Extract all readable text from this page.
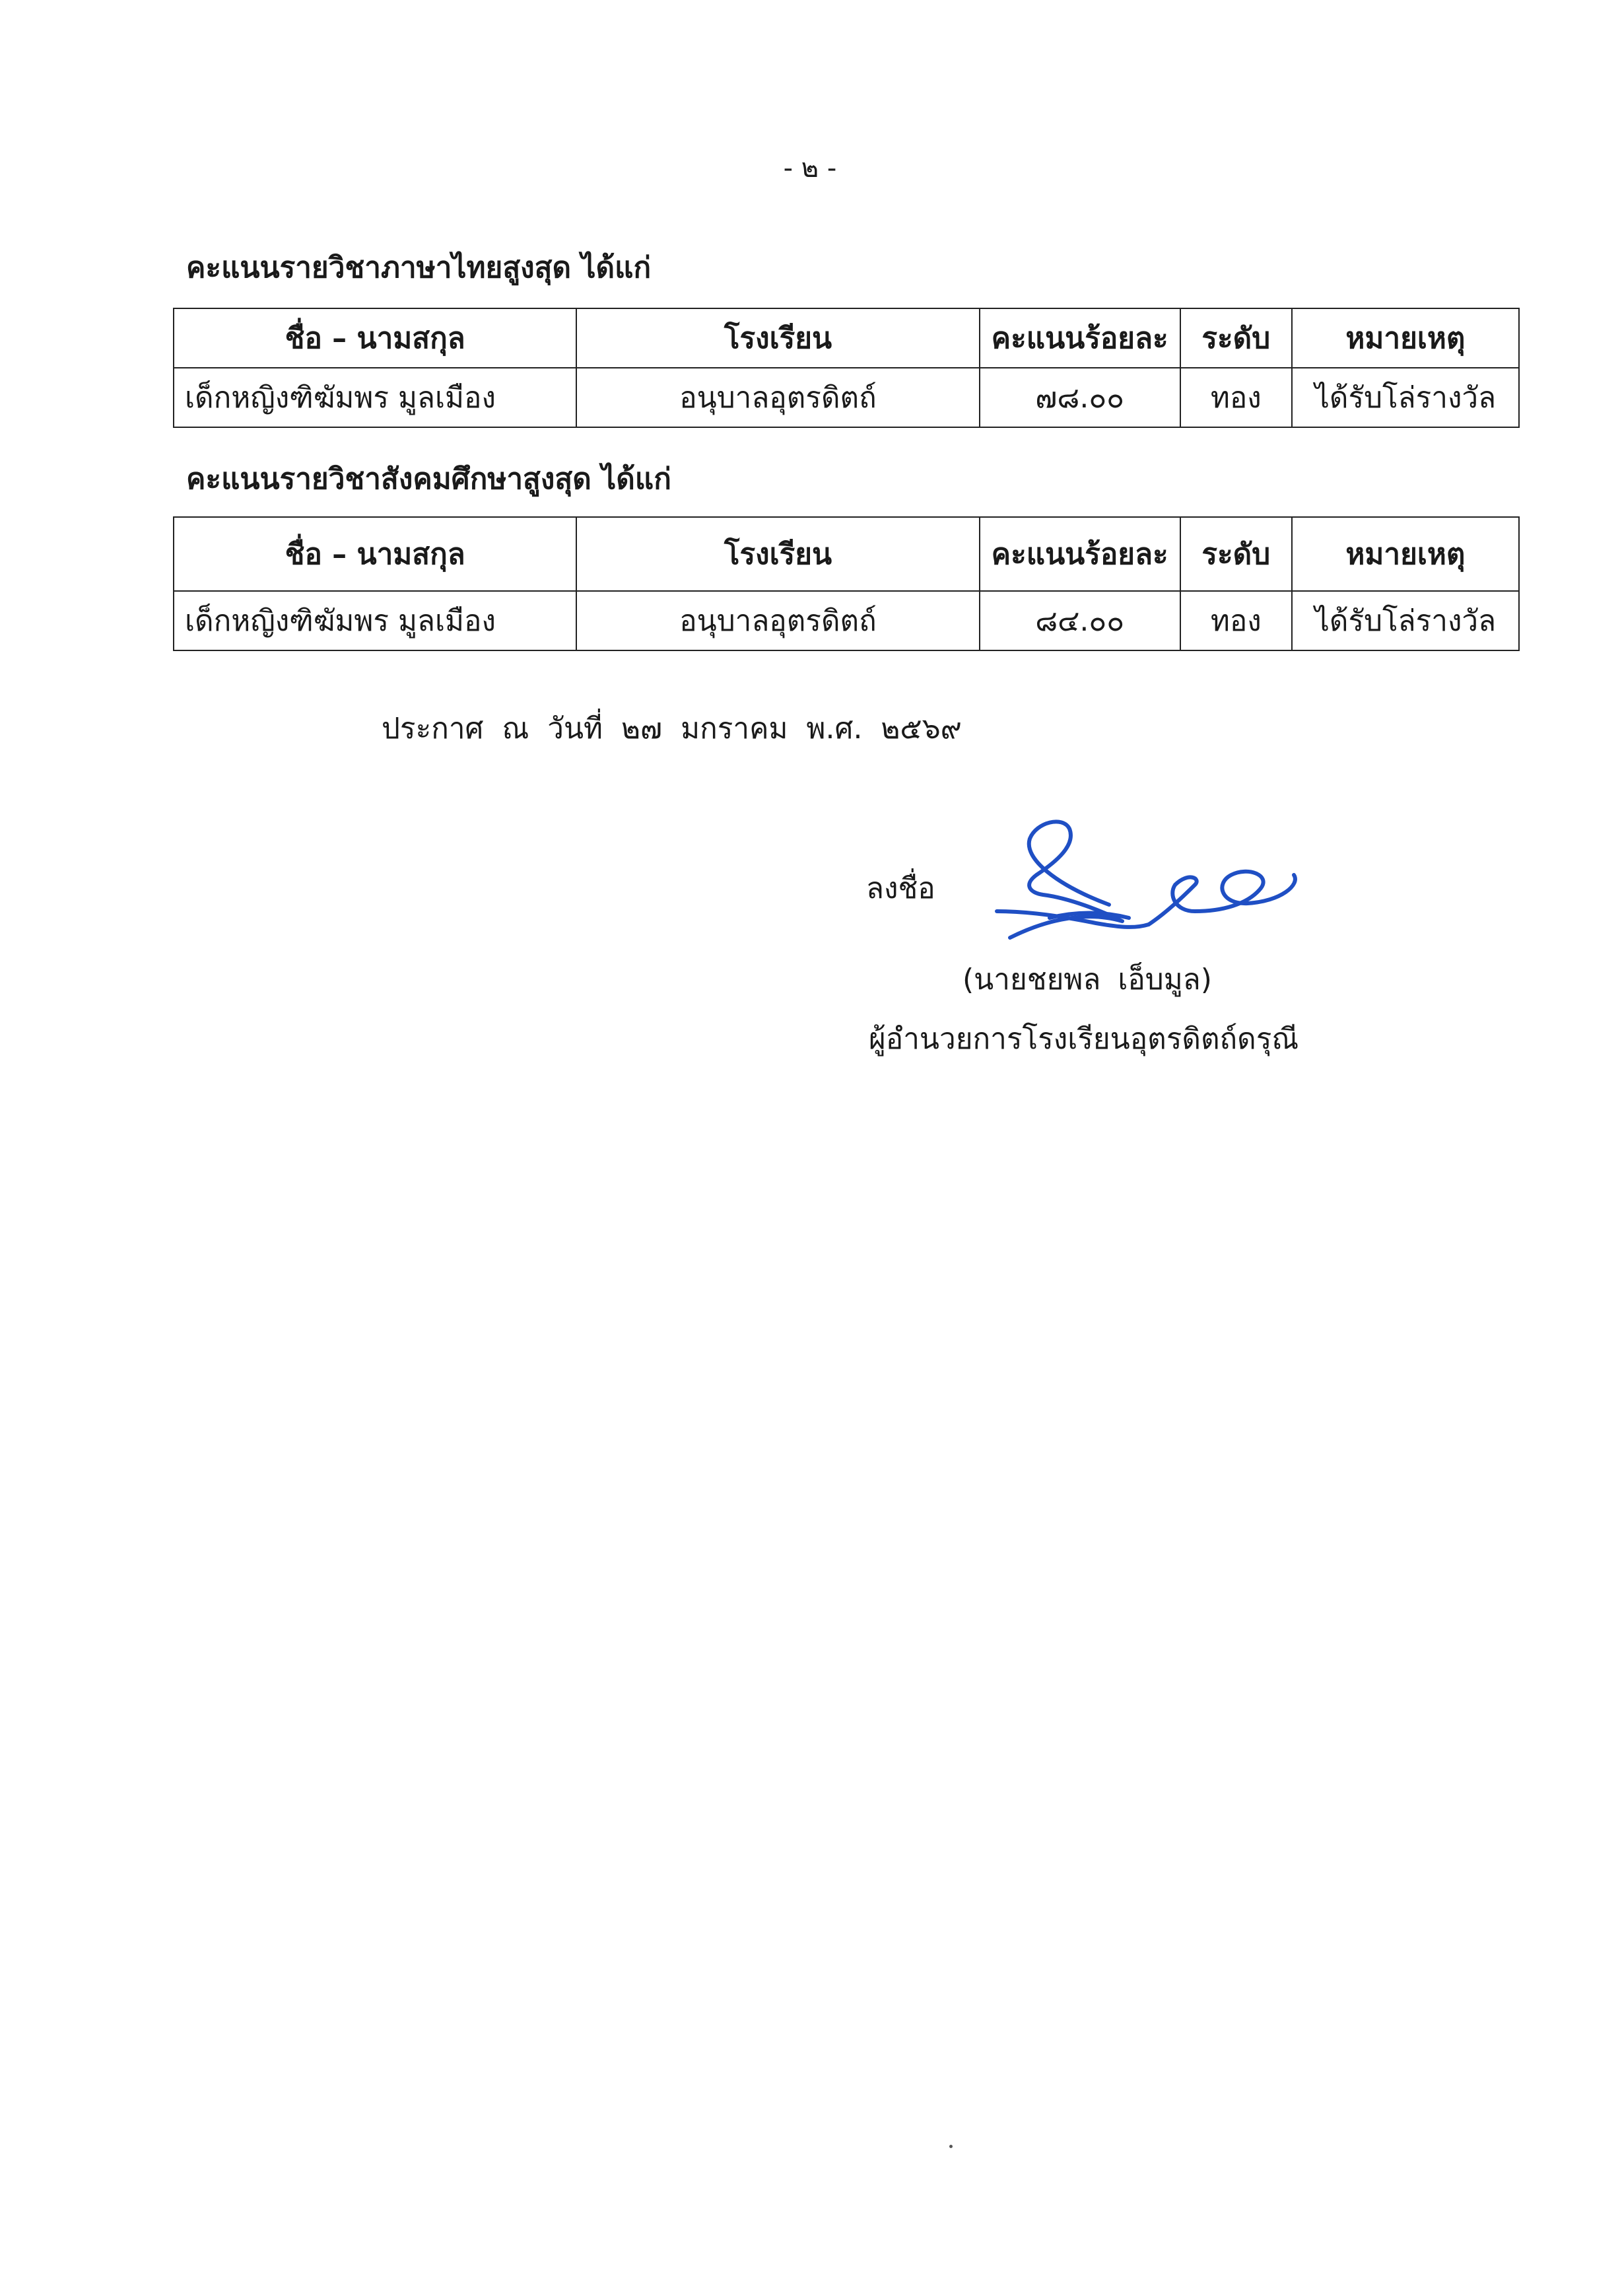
- ๒ -
คะแนนรายวิชาภาษาไทยสูงสุด ได้แก่
ชื่อ – นามสกุล	โรงเรียน	คะแนนร้อยละ	ระดับ	หมายเหตุ
เด็กหญิงฑิฆัมพร มูลเมือง	อนุบาลอุตรดิตถ์	๗๘.๐๐	ทอง	ได้รับโล่รางวัล
คะแนนรายวิชาสังคมศึกษาสูงสุด ได้แก่
ชื่อ – นามสกุล	โรงเรียน	คะแนนร้อยละ	ระดับ	หมายเหตุ
เด็กหญิงฑิฆัมพร มูลเมือง	อนุบาลอุตรดิตถ์	๘๔.๐๐	ทอง	ได้รับโล่รางวัล
ประกาศ ณ วันที่ ๒๗ มกราคม พ.ศ. ๒๕๖๙
ลงชื่อ
(นายชยพล เอ็บมูล)
ผู้อำนวยการโรงเรียนอุตรดิตถ์ดรุณี
